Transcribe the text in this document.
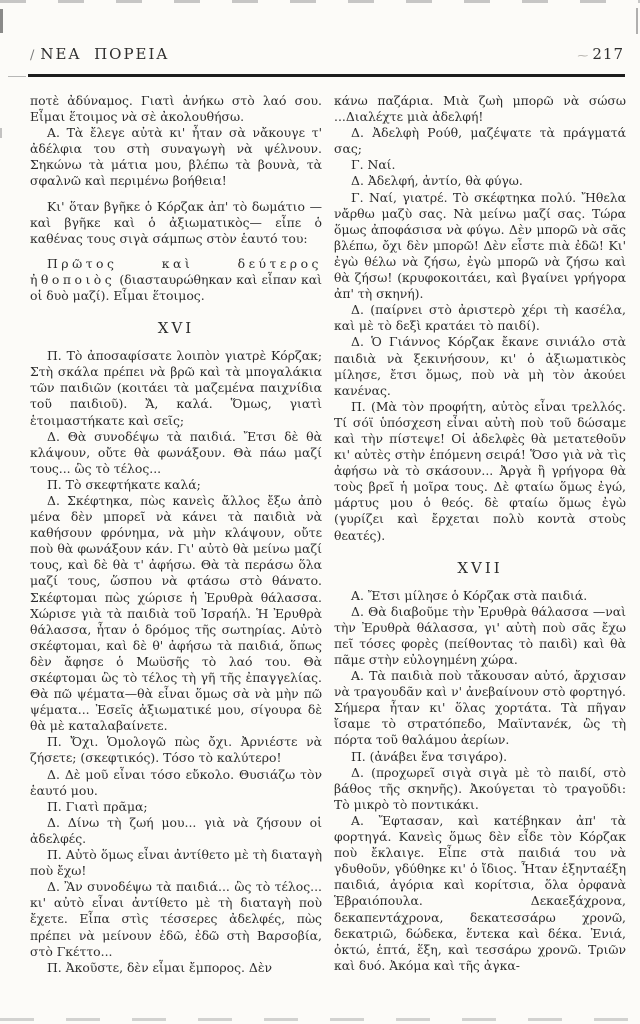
/ ΝΕΑ ΠΟΡΕΙΑ	⁓ 217

ποτὲ ἀδύναμος. Γιατὶ ἀνήκω στὸ λαό σου. Εἶμαι ἕτοιμος νὰ σὲ ἀκολουθήσω.

Α. Τὰ ἔλεγε αὐτὰ κι' ἦταν σὰ νἄκουγε τ' ἀδέλφια του στὴ συναγωγὴ νὰ ψέλνουν. Σηκώνω τὰ μάτια μου, βλέπω τὰ βουνὰ, τὰ σφαλνῶ καὶ περιμένω βοήθεια!

Κι' ὅταν βγῆκε ὁ Κόρζακ ἀπ' τὸ δωμάτιο —καὶ βγῆκε καὶ ὁ ἀξιωματικὸς— εἶπε ὁ καθένας τους σιγὰ σάμπως στὸν ἑαυτό του:

Πρῶτος καὶ δεύτερος ἠθοποιὸς (διασταυρώθηκαν καὶ εἶπαν καὶ οἱ δυὸ μαζί). Εἶμαι ἕτοιμος.

XVI

Π. Τὸ ἀποσαφίσατε λοιπὸν γιατρὲ Κόρζακ; Στὴ σκάλα πρέπει νὰ βρῶ καὶ τὰ μπογαλάκια τῶν παιδιῶν (κοιτάει τὰ μαζεμένα παιχνίδια τοῦ παιδιοῦ). Ἄ, καλά. Ὅμως, γιατὶ ἑτοιμαστήκατε καὶ σεῖς;

Δ. Θὰ συνοδέψω τὰ παιδιά. Ἔτσι δὲ θὰ κλάψουν, οὔτε θὰ φωνάξουν. Θὰ πάω μαζί τους... ὣς τὸ τέλος...

Π. Τὸ σκεφτήκατε καλά;

Δ. Σκέφτηκα, πὼς κανεὶς ἄλλος ἔξω ἀπὸ μένα δὲν μπορεῖ νὰ κάνει τὰ παιδιὰ νὰ καθήσουν φρόνημα, νὰ μὴν κλάψουν, οὔτε ποὺ θὰ φωνάξουν κάν. Γι' αὐτὸ θὰ μείνω μαζί τους, καὶ δὲ θὰ τ' ἀφήσω. Θὰ τὰ περάσω ὅλα μαζί τους, ὥσπου νὰ φτάσω στὸ θάνατο. Σκέφτομαι πὼς χώρισε ἡ Ἐρυθρὰ θάλασσα. Χώρισε γιὰ τὰ παιδιὰ τοῦ Ἰσραήλ. Ἡ Ἐρυθρὰ θάλασσα, ἦταν ὁ δρόμος τῆς σωτηρίας. Αὐτὸ σκέφτομαι, καὶ δὲ θ' ἀφήσω τὰ παιδιά, ὅπως δὲν ἄφησε ὁ Μωϋσῆς τὸ λαό του. Θὰ σκέφτομαι ὣς τὸ τέλος τὴ γῆ τῆς ἐπαγγελίας. Θὰ πῶ ψέματα—θὰ εἶναι ὅμως σὰ νὰ μὴν πῶ ψέματα... Ἐσεῖς ἀξιωματικέ μου, σίγουρα δὲ θὰ μὲ καταλαβαίνετε.

Π. Ὄχι. Ὁμολογῶ πὼς ὄχι. Ἀρνιέστε νὰ ζήσετε; (σκεφτικός). Τόσο τὸ καλύτερο!

Δ. Δὲ μοῦ εἶναι τόσο εὔκολο. Θυσιάζω τὸν ἑαυτό μου.

Π. Γιατὶ πρᾶμα;

Δ. Δίνω τὴ ζωή μου... γιὰ νὰ ζήσουν οἱ ἀδελφές.

Π. Αὐτὸ ὅμως εἶναι ἀντίθετο μὲ τὴ διαταγὴ ποὺ ἔχω!

Δ. Ἂν συνοδέψω τὰ παιδιά... ὣς τὸ τέλος... κι' αὐτὸ εἶναι ἀντίθετο μὲ τὴ διαταγὴ ποὺ ἔχετε. Εἶπα στὶς τέσσερες ἀδελφές, πὼς πρέπει νὰ μείνουν ἐδῶ, ἐδῶ στὴ Βαρσοβία, στὸ Γκέττο...

Π. Ἀκοῦστε, δὲν εἶμαι ἔμπορος. Δὲν

κάνω παζάρια. Μιὰ ζωὴ μπορῶ νὰ σώσω ...Διαλέχτε μιὰ ἀδελφή!

Δ. Ἀδελφὴ Ρούθ, μαζέψατε τὰ πράγματά σας;

Γ. Ναί.

Δ. Ἀδελφή, ἀντίο, θὰ φύγω.

Γ. Ναί, γιατρέ. Τὸ σκέφτηκα πολύ. Ἤθελα νἄρθω μαζὺ σας. Νὰ μείνω μαζί σας. Τώρα ὅμως ἀποφάσισα νὰ φύγω. Δὲν μπορῶ νὰ σᾶς βλέπω, ὄχι δὲν μπορῶ! Δὲν εἶστε πιὰ ἐδῶ! Κι' ἐγὼ θέλω νὰ ζήσω, ἐγὼ μπορῶ νὰ ζήσω καὶ θὰ ζήσω! (κρυφοκοιτάει, καὶ βγαίνει γρήγορα ἀπ' τὴ σκηνή).

Δ. (παίρνει στὸ ἀριστερὸ χέρι τὴ κασέλα, καὶ μὲ τὸ δεξὶ κρατάει τὸ παιδί).

Δ. Ὁ Γιάννος Κόρζακ ἔκανε σινιάλο στὰ παιδιὰ νὰ ξεκινήσουν, κι' ὁ ἀξιωματικὸς μίλησε, ἔτσι ὅμως, ποὺ νὰ μὴ τὸν ἀκούει κανένας.

Π. (Μὰ τὸν προφήτη, αὐτὸς εἶναι τρελλός. Τί σόϊ ὑπόσχεση εἶναι αὐτὴ ποὺ τοῦ δώσαμε καὶ τὴν πίστεψε! Οἱ ἀδελφὲς θὰ μετατεθοῦν κι' αὐτὲς στὴν ἑπόμενη σειρά! Ὅσο γιὰ νὰ τὶς ἀφήσω νὰ τὸ σκάσουν... Ἀργὰ ἢ γρήγορα θὰ τοὺς βρεῖ ἡ μοῖρα τους. Δὲ φταίω ὅμως ἐγώ, μάρτυς μου ὁ θεός. δὲ φταίω ὅμως ἐγὼ (γυρίζει καὶ ἔρχεται πολὺ κοντὰ στοὺς θεατές).

XVII

Α. Ἔτσι μίλησε ὁ Κόρζακ στὰ παιδιά.

Δ. Θὰ διαβοῦμε τὴν Ἐρυθρὰ θάλασσα —ναὶ τὴν Ἐρυθρὰ θάλασσα, γι' αὐτὴ ποὺ σᾶς ἔχω πεῖ τόσες φορὲς (πείθοντας τὸ παιδὶ) καὶ θὰ πᾶμε στὴν εὐλογημένη χώρα.

Α. Τὰ παιδιὰ ποὺ τἄκουσαν αὐτό, ἄρχισαν νὰ τραγουδᾶν καὶ ν' ἀνεβαίνουν στὸ φορτηγό. Σήμερα ἦταν κι' ὅλας χορτάτα. Τὰ πῆγαν ἴσαμε τὸ στρατόπεδο, Μαϊντανέκ, ὣς τὴ πόρτα τοῦ θαλάμου ἀερίων.

Π. (ἀνάβει ἕνα τσιγάρο).

Δ. (προχωρεῖ σιγὰ σιγὰ μὲ τὸ παιδί, στὸ βάθος τῆς σκηνῆς). Ἀκούγεται τὸ τραγοῦδι: Τὸ μικρὸ τὸ ποντικάκι.

Α. Ἔφτασαν, καὶ κατέβηκαν ἀπ' τὰ φορτηγά. Κανεὶς ὅμως δὲν εἶδε τὸν Κόρζακ ποὺ ἔκλαιγε. Εἶπε στὰ παιδιά του νὰ γδυθοῦν, γδύθηκε κι' ὁ ἴδιος. Ἦταν ἑξηνταέξη παιδιά, ἀγόρια καὶ κορίτσια, ὅλα ὀρφανὰ Ἑβραιόπουλα. Δεκαεξάχρονα, δεκαπεντάχρονα, δεκατεσσάρω χρονῶ, δεκατριῶ, δώδεκα, ἕντεκα καὶ δέκα. Ἐνιά, ὀκτώ, ἑπτά, ἕξη, καὶ τεσσάρω χρονῶ. Τριῶν καὶ δυό. Ἀκόμα καὶ τῆς ἀγκα-
